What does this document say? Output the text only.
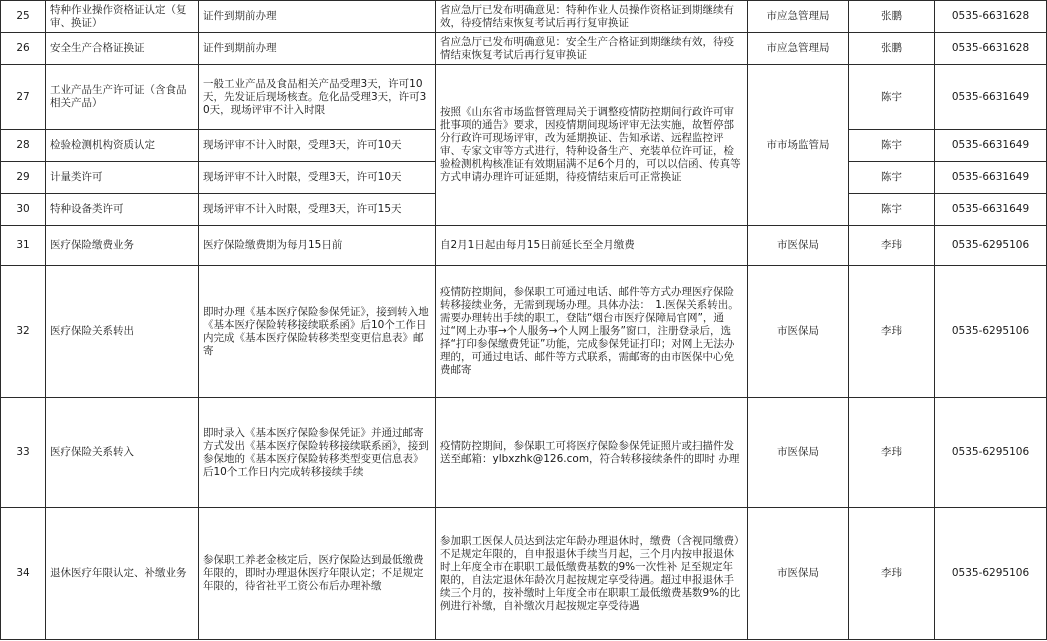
25	特种作业操作资格证认定（复审、换证）	证件到期前办理	省应急厅已发布明确意见：特种作业人员操作资格证到期继续有效，待疫情结束恢复考试后再行复审换证	市应急管理局	张鹏	0535-6631628
26	安全生产合格证换证	证件到期前办理	省应急厅已发布明确意见：安全生产合格证到期继续有效，待疫情结束恢复考试后再行复审换证	市应急管理局	张鹏	0535-6631628
27	工业产品生产许可证（含食品相关产品）	一般工业产品及食品相关产品受理3天，许可10天，先发证后现场核查。危化品受理3天，许可30天，现场评审不计入时限	按照《山东省市场监督管理局关于调整疫情防控期间行政许可审批事项的通告》要求，因疫情期间现场评审无法实施，故暂停部分行政许可现场评审，改为延期换证、告知承诺、远程监控评审、专家文审等方式进行，特种设备生产、充装单位许可证，检验检测机构核准证有效期届满不足6个月的，可以以信函、传真等方式申请办理许可证延期，待疫情结束后可正常换证	市市场监管局	陈宇	0535-6631649
28	检验检测机构资质认定	现场评审不计入时限，受理3天，许可10天			陈宇	0535-6631649
29	计量类许可	现场评审不计入时限，受理3天，许可10天			陈宇	0535-6631649
30	特种设备类许可	现场评审不计入时限，受理3天，许可15天			陈宇	0535-6631649
31	医疗保险缴费业务	医疗保险缴费期为每月15日前	自2月1日起由每月15日前延长至全月缴费	市医保局	李玮	0535-6295106
32	医疗保险关系转出	即时办理《基本医疗保险参保凭证》，接到转入地《基本医疗保险转移接续联系函》后10个工作日内完成《基本医疗保险转移类型变更信息表》邮寄	疫情防控期间，参保职工可通过电话、邮件等方式办理医疗保险转移接续业务，无需到现场办理。具体办法：　1.医保关系转出。需要办理转出手续的职工，登陆“烟台市医疗保障局官网”，通过“网上办事→个人服务→个人网上服务”窗口，注册登录后，选择“打印参保缴费凭证”功能，完成参保凭证打印；对网上无法办理的，可通过电话、邮件等方式联系，需邮寄的由市医保中心免费邮寄	市医保局	李玮	0535-6295106
33	医疗保险关系转入	即时录入《基本医疗保险参保凭证》并通过邮寄方式发出《基本医疗保险转移接续联系函》，接到参保地的《基本医疗保险转移类型变更信息表》后10个工作日内完成转移接续手续	疫情防控期间，参保职工可将医疗保险参保凭证照片或扫描件发送至邮箱：ylbxzhk@126.com，符合转移接续条件的即时 办理	市医保局	李玮	0535-6295106
34	退休医疗年限认定、补缴业务	参保职工养老金核定后，医疗保险达到最低缴费年限的，即时办理退休医疗年限认定；不足规定年限的，待省社平工资公布后办理补缴	参加职工医保人员达到法定年龄办理退休时，缴费（含视同缴费）不足规定年限的，自申报退休手续当月起，三个月内按申报退休时上年度全市在职职工最低缴费基数的9%一次性补 足至规定年限的，自法定退休年龄次月起按规定享受待遇。超过申报退休手续三个月的，按补缴时上年度全市在职职工最低缴费基数9%的比例进行补缴，自补缴次月起按规定享受待遇	市医保局	李玮	0535-6295106
